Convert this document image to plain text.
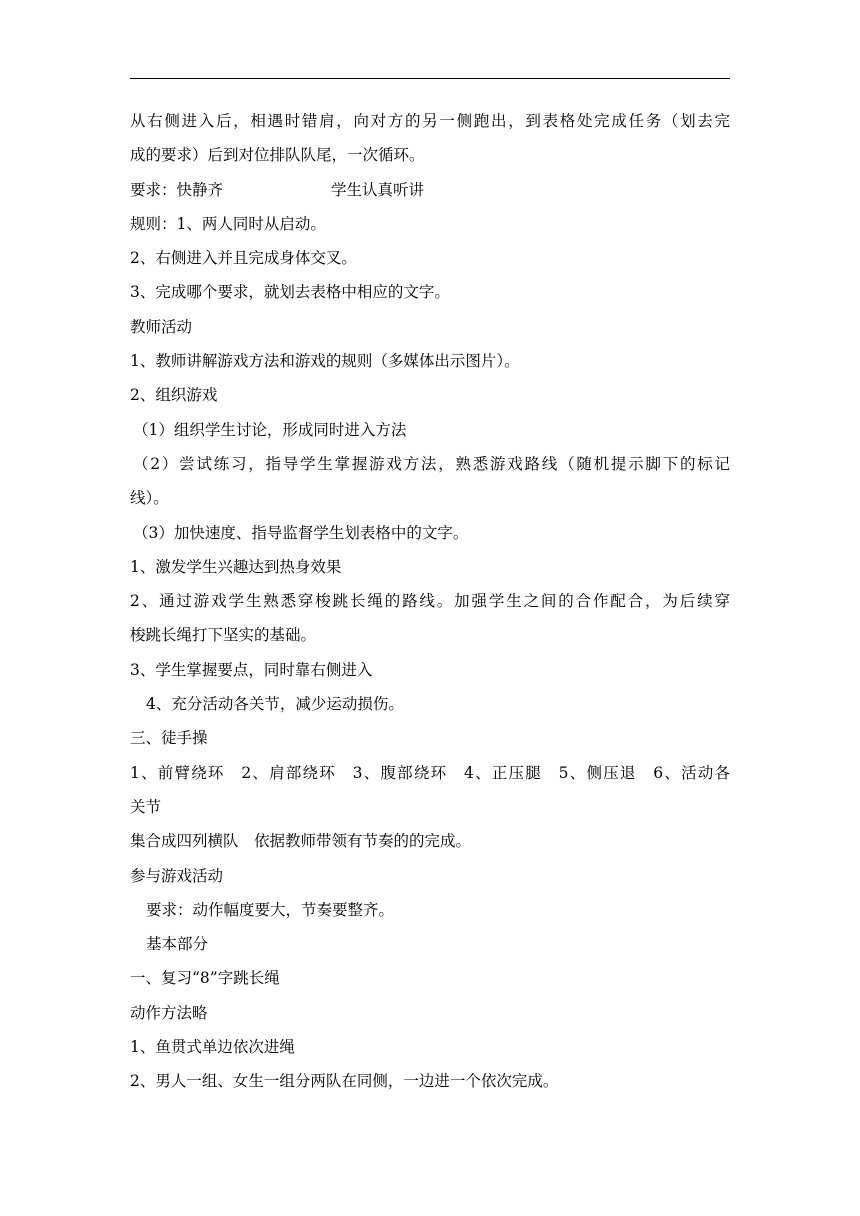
从右侧进入后，相遇时错肩，向对方的另一侧跑出，到表格处完成任务（划去完
成的要求）后到对位排队队尾，一次循环。
要求：快静齐	学生认真听讲
规则：1、两人同时从启动。
2、右侧进入并且完成身体交叉。
3、完成哪个要求，就划去表格中相应的文字。
教师活动
1、教师讲解游戏方法和游戏的规则（多媒体出示图片）。
2、组织游戏
（1）组织学生讨论，形成同时进入方法
（2）尝试练习，指导学生掌握游戏方法，熟悉游戏路线（随机提示脚下的标记
线）。
（3）加快速度、指导监督学生划表格中的文字。
1、激发学生兴趣达到热身效果
2、通过游戏学生熟悉穿梭跳长绳的路线。加强学生之间的合作配合，为后续穿
梭跳长绳打下坚实的基础。
3、学生掌握要点，同时靠右侧进入
4、充分活动各关节，减少运动损伤。
三、徒手操
1、前臂绕环　2、肩部绕环　3、腹部绕环　4、正压腿　5、侧压退　6、活动各
关节
集合成四列横队　依据教师带领有节奏的的完成。
参与游戏活动
要求：动作幅度要大，节奏要整齐。
基本部分
一、复习“8”字跳长绳
动作方法略
1、鱼贯式单边依次进绳
2、男人一组、女生一组分两队在同侧，一边进一个依次完成。
